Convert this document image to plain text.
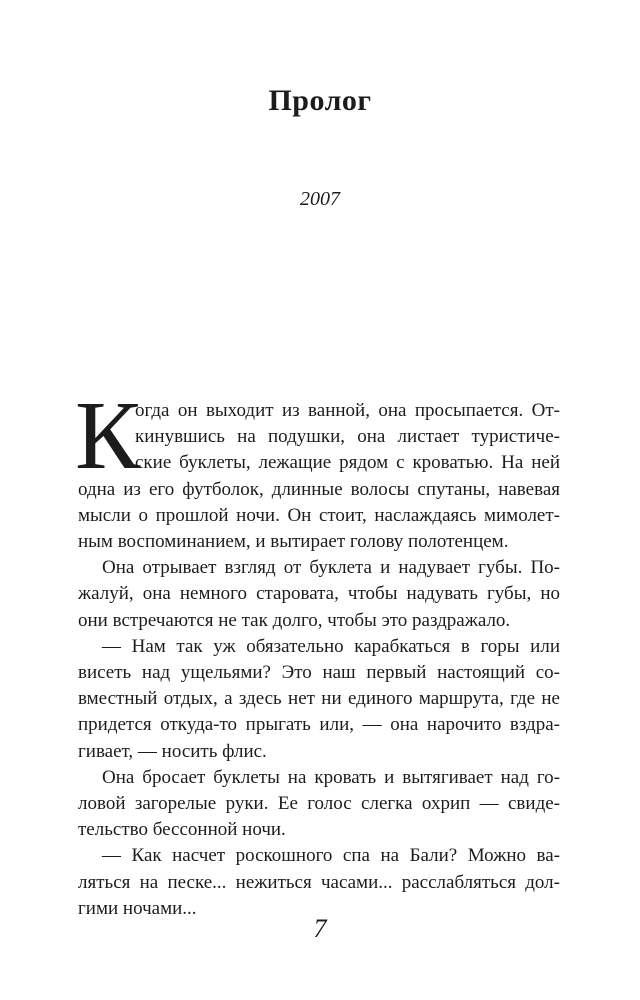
Пролог
2007
К
огда он выходит из ванной, она просыпается. От-
кинувшись на подушки, она листает туристиче-
ские буклеты, лежащие рядом с кроватью. На ней
одна из его футболок, длинные волосы спутаны, навевая
мысли о прошлой ночи. Он стоит, наслаждаясь мимолет-
ным воспоминанием, и вытирает голову полотенцем.
Она отрывает взгляд от буклета и надувает губы. По-
жалуй, она немного старовата, чтобы надувать губы, но
они встречаются не так долго, чтобы это раздражало.
— Нам так уж обязательно карабкаться в горы или
висеть над ущельями? Это наш первый настоящий со-
вместный отдых, а здесь нет ни единого маршрута, где не
придется откуда-то прыгать или, — она нарочито вздра-
гивает, — носить флис.
Она бросает буклеты на кровать и вытягивает над го-
ловой загорелые руки. Ее голос слегка охрип — свиде-
тельство бессонной ночи.
— Как насчет роскошного спа на Бали? Можно ва-
ляться на песке... нежиться часами... расслабляться дол-
гими ночами...
7
